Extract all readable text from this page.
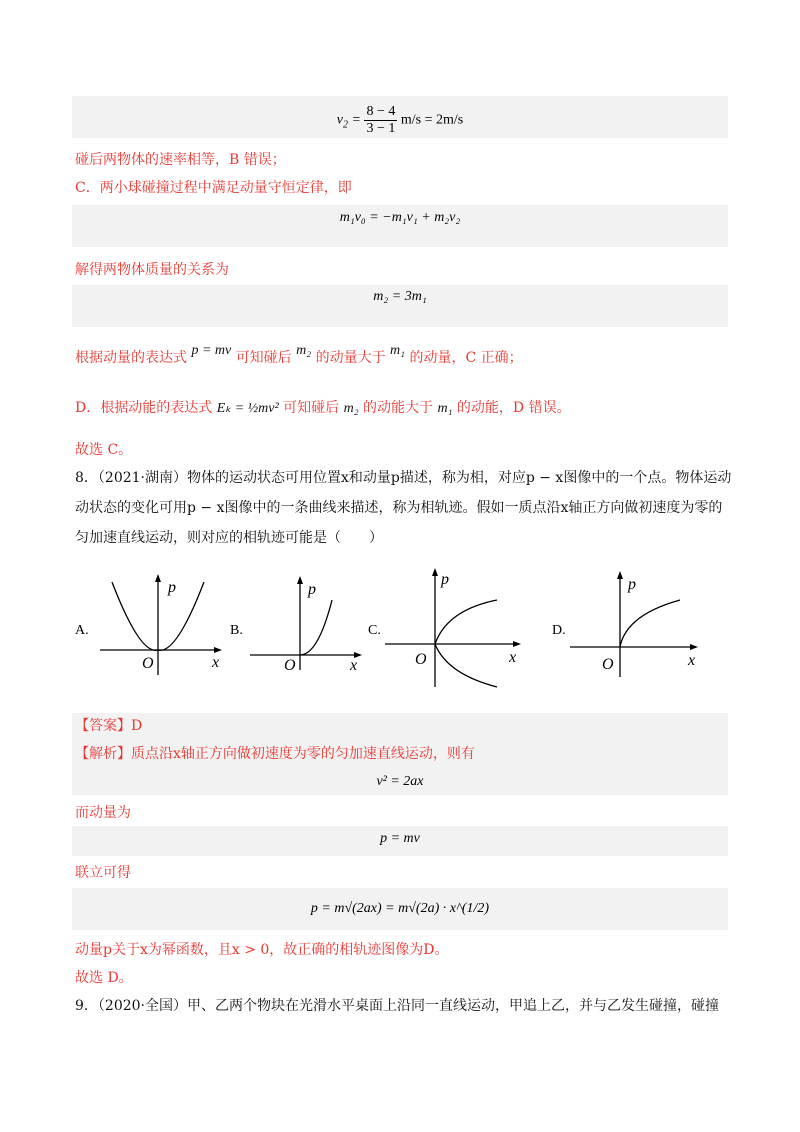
$v_2 = \frac{8 - 4}{3 - 1} m/s = 2m/s$
碰后两物体的速率相等，B 错误；
C．两小球碰撞过程中满足动量守恒定律，即
m₁v₀ = −m₁v₁ + m₂v₂
解得两物体质量的关系为
m₂ = 3m₁
根据动量的表达式 p = mv 可知碰后 m₂ 的动量大于 m₁ 的动量，C 正确；
D．根据动能的表达式 Eₖ = ½mv² 可知碰后 m₂ 的动能大于 m₁ 的动能，D 错误。
故选 C。
8．（2021·湖南）物体的运动状态可用位置x和动量p描述，称为相，对应p − x图像中的一个点。物体运动
动状态的变化可用p − x图像中的一条曲线来描述，称为相轨迹。假如一质点沿x轴正方向做初速度为零的
匀加速直线运动，则对应的相轨迹可能是（　　）
A.
p
x
O
B.
p
x
O
C.
p
x
O
D.
p
x
O
【答案】D
【解析】质点沿x轴正方向做初速度为零的匀加速直线运动，则有
v² = 2ax
而动量为
p = mv
联立可得
p = m√(2ax) = m√(2a) · x^(1/2)
动量p关于x为幂函数，且x > 0，故正确的相轨迹图像为D。
故选 D。
9．（2020·全国）甲、乙两个物块在光滑水平桌面上沿同一直线运动，甲追上乙，并与乙发生碰撞，碰撞
